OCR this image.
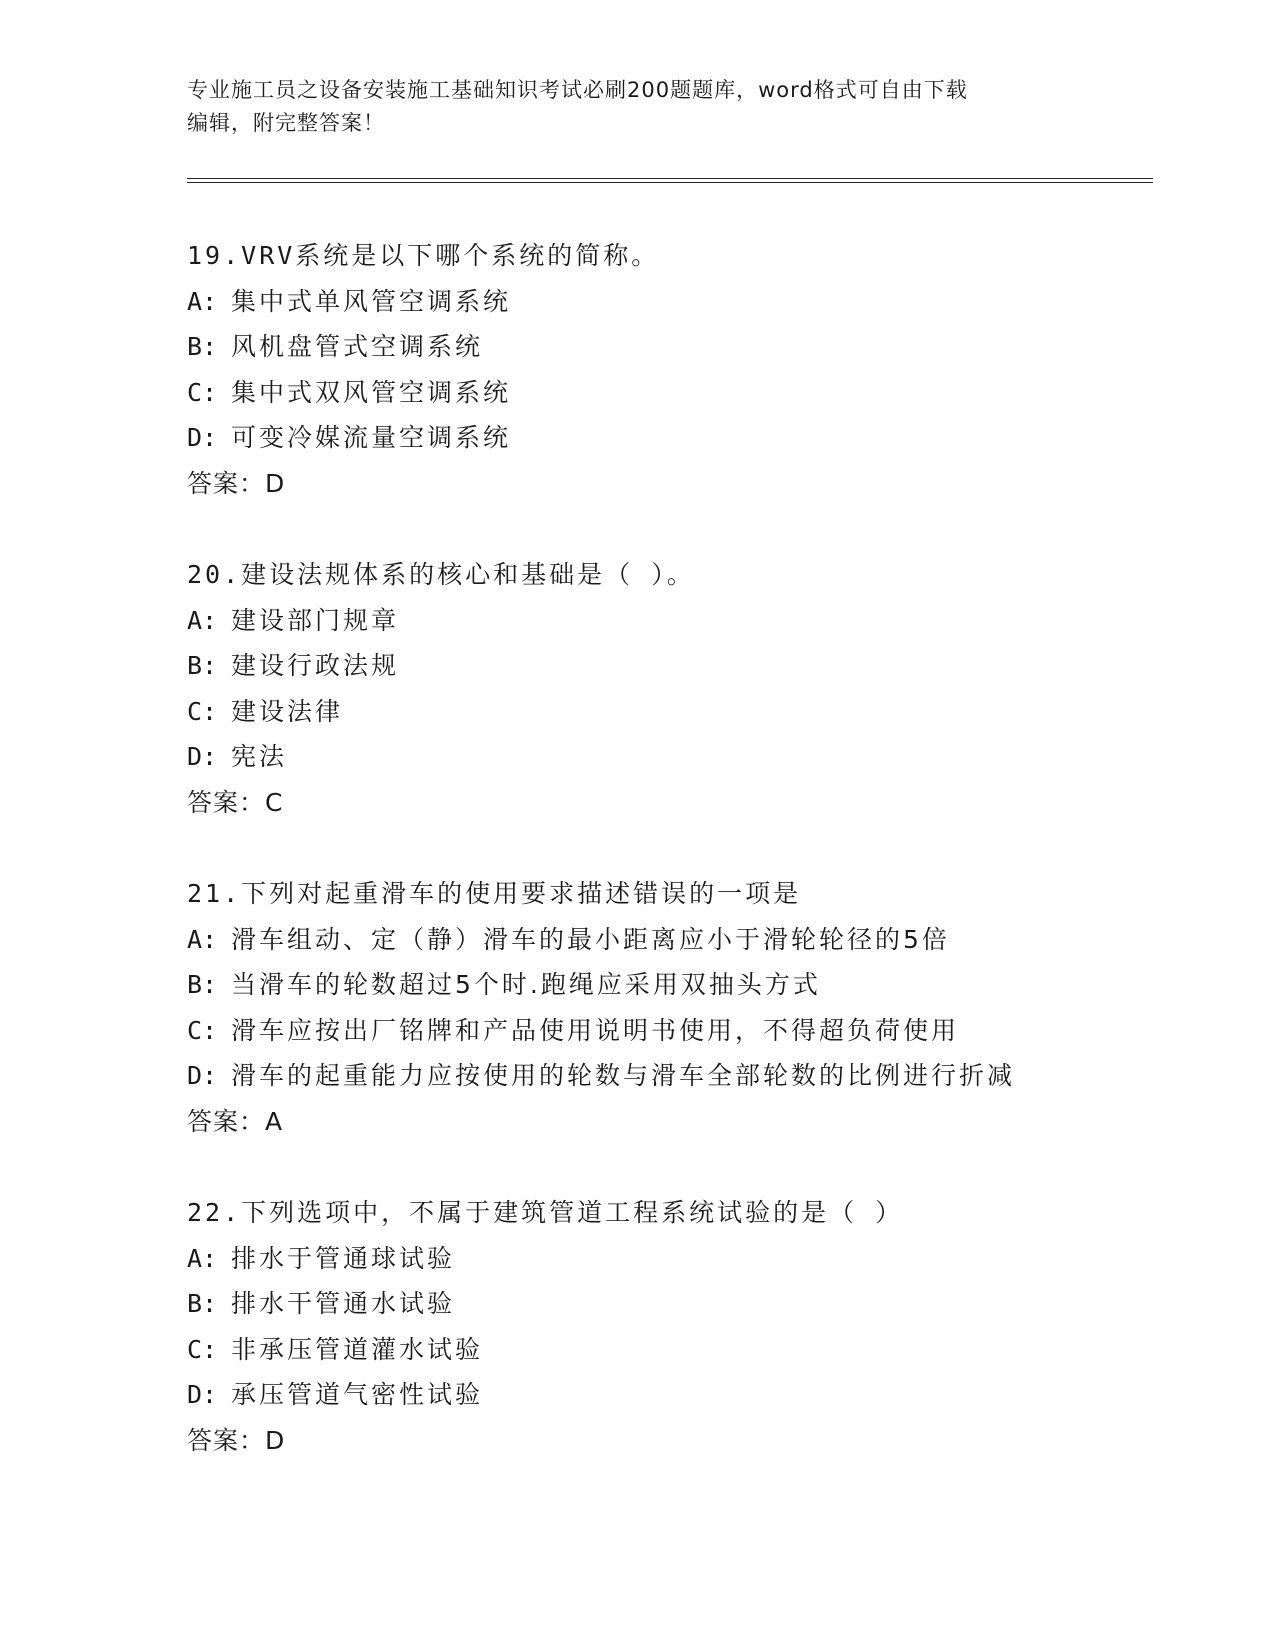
专业施工员之设备安装施工基础知识考试必刷200题题库，word格式可自由下载
编辑，附完整答案！
19.VRV系统是以下哪个系统的简称。
A: 集中式单风管空调系统
B: 风机盘管式空调系统
C: 集中式双风管空调系统
D: 可变冷媒流量空调系统
答案：D
20.建设法规体系的核心和基础是（ ）。
A: 建设部门规章
B: 建设行政法规
C: 建设法律
D: 宪法
答案：C
21.下列对起重滑车的使用要求描述错误的一项是
A: 滑车组动、定（静）滑车的最小距离应小于滑轮轮径的5倍
B: 当滑车的轮数超过5个时.跑绳应采用双抽头方式
C: 滑车应按出厂铭牌和产品使用说明书使用，不得超负荷使用
D: 滑车的起重能力应按使用的轮数与滑车全部轮数的比例进行折减
答案：A
22.下列选项中，不属于建筑管道工程系统试验的是（ ）
A: 排水于管通球试验
B: 排水干管通水试验
C: 非承压管道灌水试验
D: 承压管道气密性试验
答案：D
